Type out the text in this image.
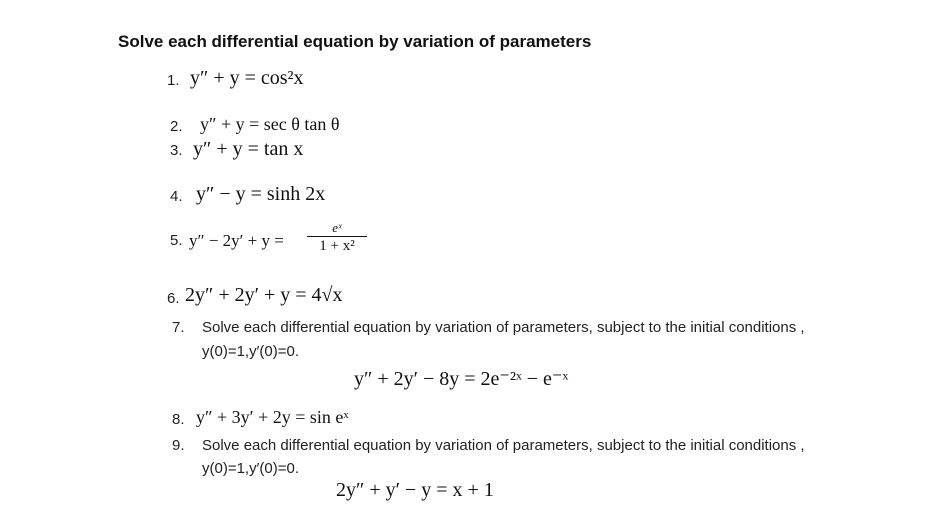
Solve each differential equation by variation of parameters
1. y″ + y = cos²x
2. y″ + y = sec θ tan θ
3. y″ + y = tan x
4. y″ − y = sinh 2x
5. y″ − 2y′ + y =
eˣ
1 + x²
6. 2y″ + 2y′ + y = 4√x
7. Solve each differential equation by variation of parameters, subject to the initial conditions ,
y(0)=1,y′(0)=0.
y″ + 2y′ − 8y = 2e⁻²ˣ − e⁻ˣ
8. y″ + 3y′ + 2y = sin eˣ
9. Solve each differential equation by variation of parameters, subject to the initial conditions ,
y(0)=1,y′(0)=0.
2y″ + y′ − y = x + 1
